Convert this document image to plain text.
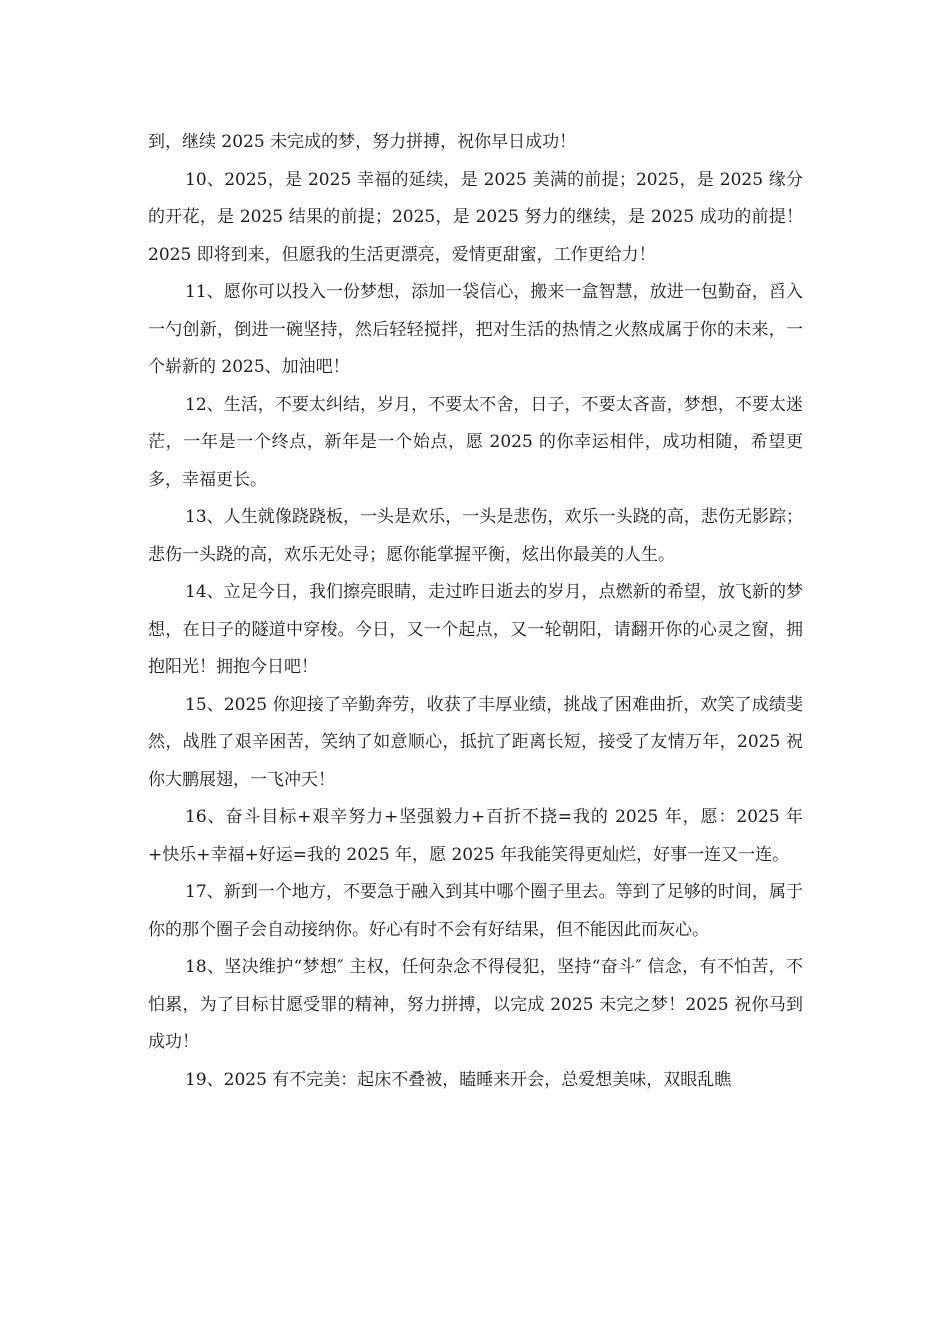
到，继续 2025 未完成的梦，努力拼搏，祝你早日成功！

10、2025，是 2025 幸福的延续，是 2025 美满的前提；2025，是 2025 缘分的开花，是 2025 结果的前提；2025，是 2025 努力的继续，是 2025 成功的前提！2025 即将到来，但愿我的生活更漂亮，爱情更甜蜜，工作更给力！

11、愿你可以投入一份梦想，添加一袋信心，搬来一盒智慧，放进一包勤奋，舀入一勺创新，倒进一碗坚持，然后轻轻搅拌，把对生活的热情之火熬成属于你的未来，一个崭新的 2025、加油吧！

12、生活，不要太纠结，岁月，不要太不舍，日子，不要太吝啬，梦想，不要太迷茫，一年是一个终点，新年是一个始点，愿 2025 的你幸运相伴，成功相随，希望更多，幸福更长。

13、人生就像跷跷板，一头是欢乐，一头是悲伤，欢乐一头跷的高，悲伤无影踪；悲伤一头跷的高，欢乐无处寻；愿你能掌握平衡，炫出你最美的人生。

14、立足今日，我们擦亮眼睛，走过昨日逝去的岁月，点燃新的希望，放飞新的梦想，在日子的隧道中穿梭。今日，又一个起点，又一轮朝阳，请翻开你的心灵之窗，拥抱阳光！拥抱今日吧！

15、2025 你迎接了辛勤奔劳，收获了丰厚业绩，挑战了困难曲折，欢笑了成绩斐然，战胜了艰辛困苦，笑纳了如意顺心，抵抗了距离长短，接受了友情万年，2025 祝你大鹏展翅，一飞冲天！

16、奋斗目标+艰辛努力+坚强毅力+百折不挠=我的 2025 年，愿：2025 年+快乐+幸福+好运=我的 2025 年，愿 2025 年我能笑得更灿烂，好事一连又一连。

17、新到一个地方，不要急于融入到其中哪个圈子里去。等到了足够的时间，属于你的那个圈子会自动接纳你。好心有时不会有好结果，但不能因此而灰心。

18、坚决维护“梦想″ 主权，任何杂念不得侵犯，坚持“奋斗″ 信念，有不怕苦，不怕累，为了目标甘愿受罪的精神，努力拼搏，以完成 2025 未完之梦！2025 祝你马到成功！

19、2025 有不完美：起床不叠被，瞌睡来开会，总爱想美味，双眼乱瞧
